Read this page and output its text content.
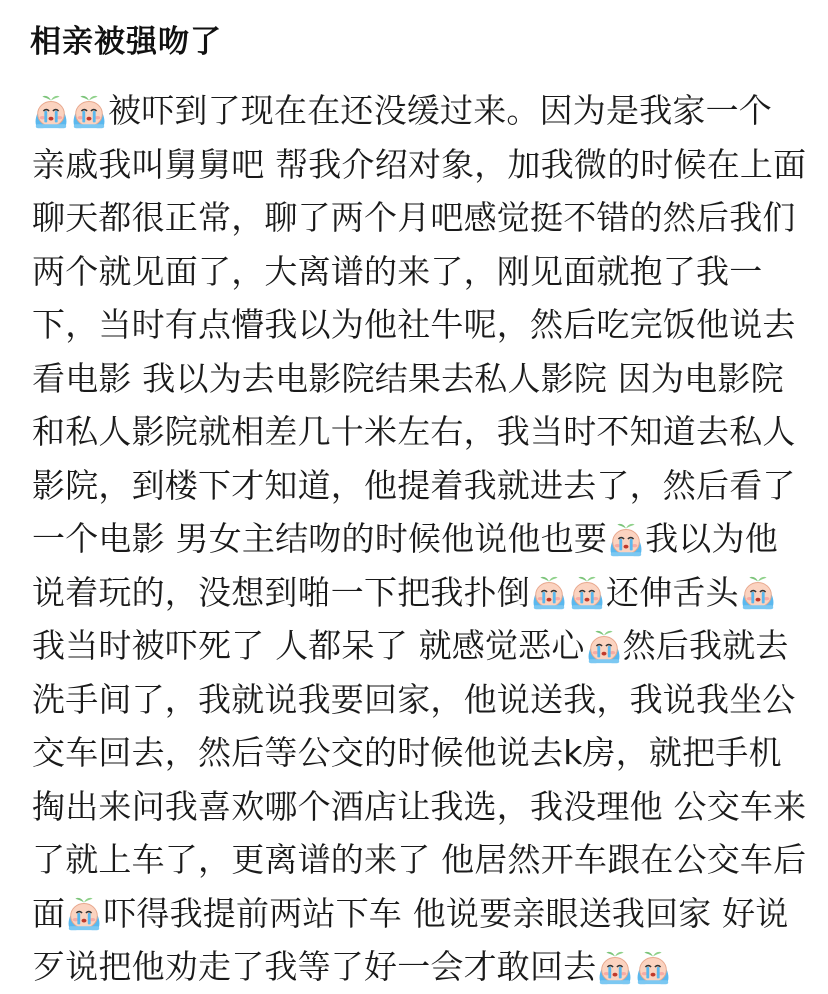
相亲被强吻了
被吓到了现在在还没缓过来。因为是我家一个
亲戚我叫舅舅吧 帮我介绍对象，加我微的时候在上面
聊天都很正常，聊了两个月吧感觉挺不错的然后我们
两个就见面了，大离谱的来了，刚见面就抱了我一
下，当时有点懵我以为他社牛呢，然后吃完饭他说去
看电影 我以为去电影院结果去私人影院 因为电影院
和私人影院就相差几十米左右，我当时不知道去私人
影院，到楼下才知道，他提着我就进去了，然后看了
一个电影 男女主结吻的时候他说他也要 我以为他
说着玩的，没想到啪一下把我扑倒 还伸舌头
我当时被吓死了 人都呆了 就感觉恶心 然后我就去
洗手间了，我就说我要回家，他说送我，我说我坐公
交车回去，然后等公交的时候他说去k房，就把手机
掏出来问我喜欢哪个酒店让我选，我没理他 公交车来
了就上车了，更离谱的来了 他居然开车跟在公交车后
面 吓得我提前两站下车 他说要亲眼送我回家 好说
歹说把他劝走了我等了好一会才敢回去
